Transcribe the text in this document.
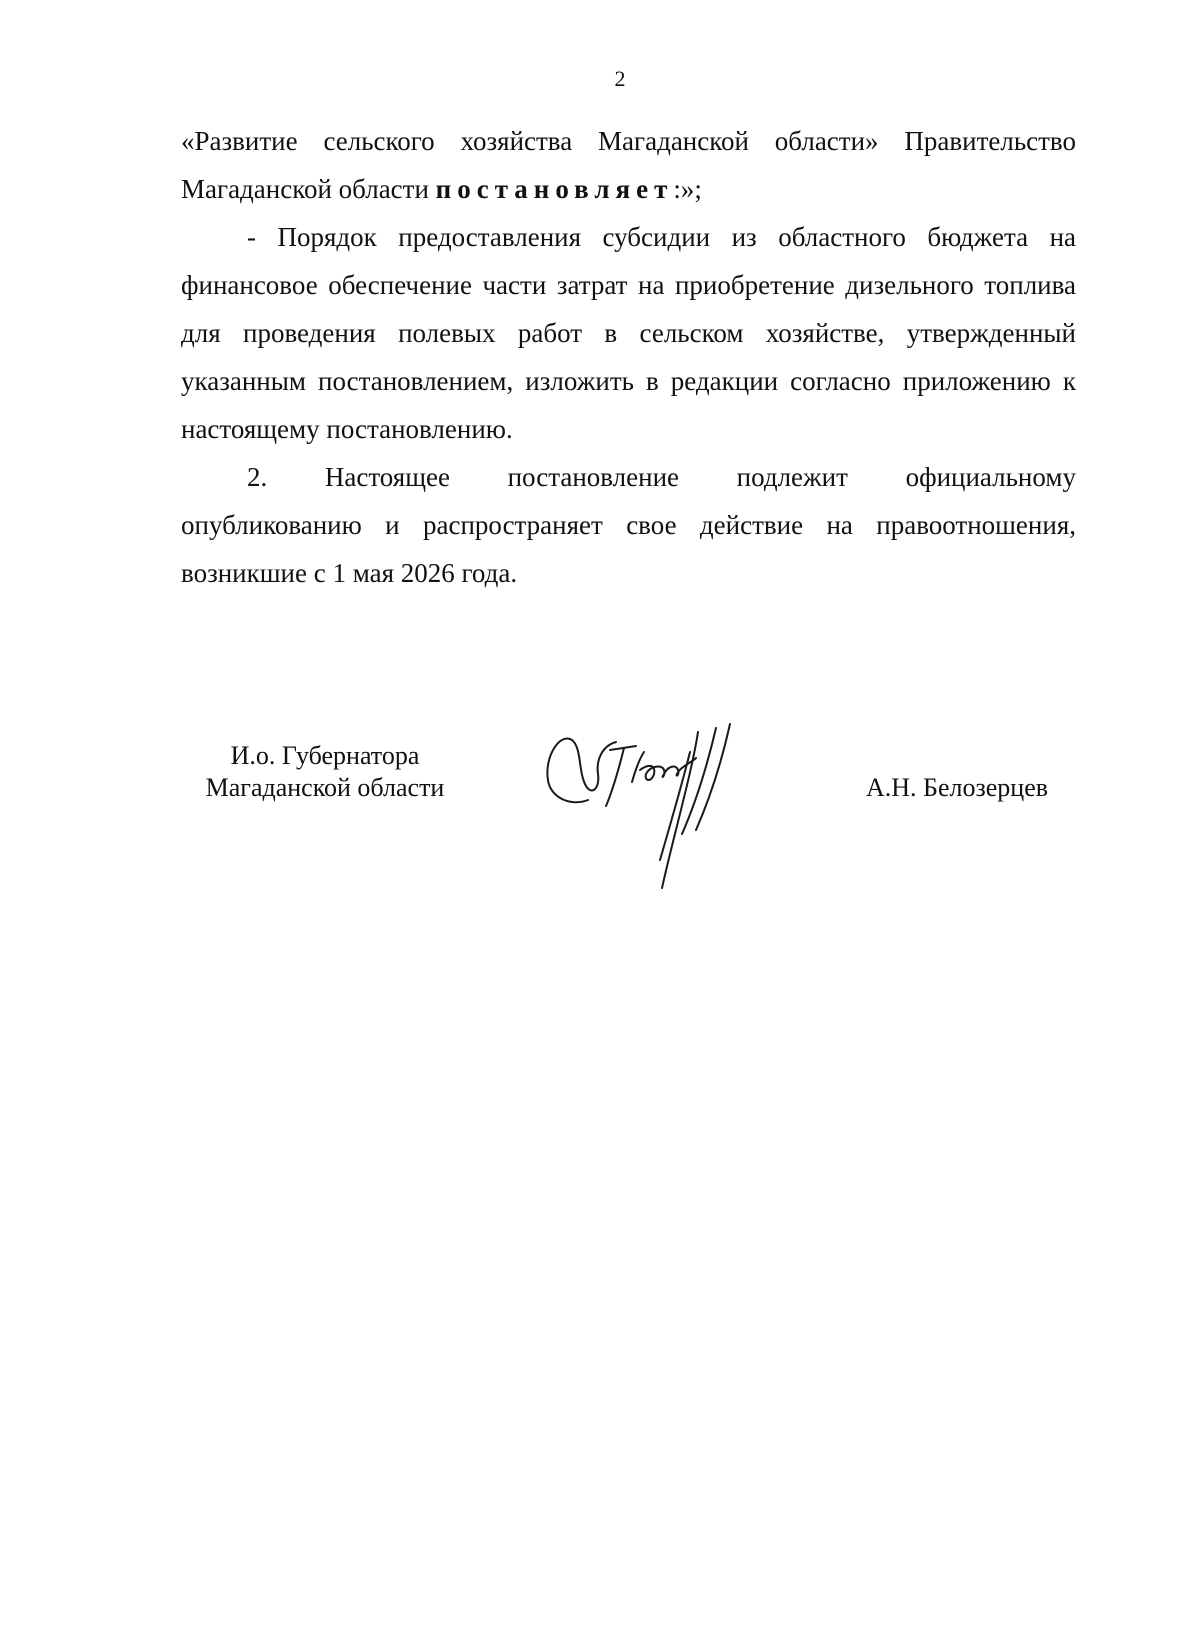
2

«Развитие сельского хозяйства Магаданской области» Правительство Магаданской области постановляет:»;

- Порядок предоставления субсидии из областного бюджета на финансовое обеспечение части затрат на приобретение дизельного топлива для проведения полевых работ в сельском хозяйстве, утвержденный указанным постановлением, изложить в редакции согласно приложению к настоящему постановлению.

2. Настоящее постановление подлежит официальному

опубликованию и распространяет свое действие на правоотношения, возникшие с 1 мая 2026 года.

И.о. Губернатора
Магаданской области	А.Н. Белозерцев
